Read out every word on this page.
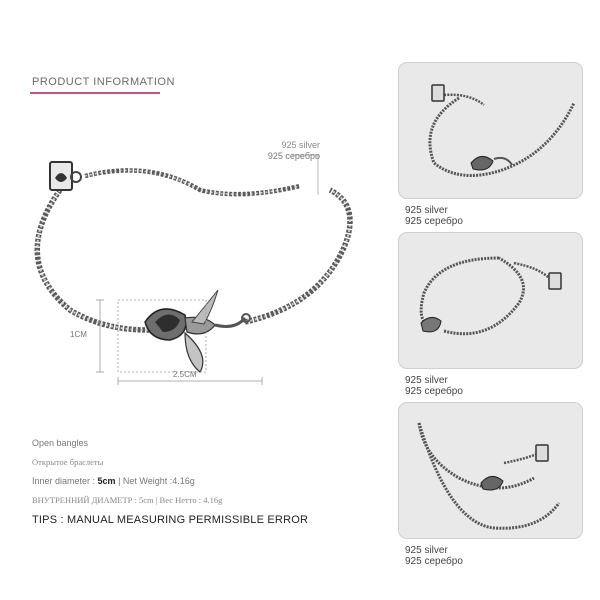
PRODUCT INFORMATION
925 silver
925 серебро
1CM
2.5CM
Open bangles
Открытое браслеты
Inner diameter : 5cm | Net Weight :4.16g
ВНУТРЕННИЙ ДИАМЕТР : 5cm | Вес Нетто : 4.16g
TIPS : MANUAL MEASURING PERMISSIBLE ERROR
925 silver
925 серебро
925 silver
925 серебро
925 silver
925 серебро
